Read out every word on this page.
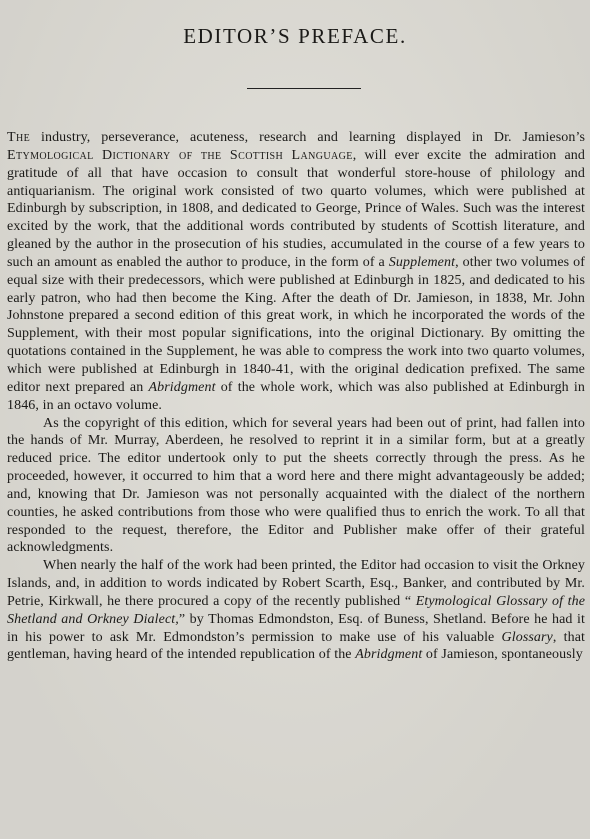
EDITOR’S PREFACE.

The industry, perseverance, acuteness, research and learning displayed in Dr. Jamieson’s Etymological Dictionary of the Scottish Language, will ever excite the admiration and gratitude of all that have occasion to consult that wonderful store-house of philology and antiquarianism. The original work consisted of two quarto volumes, which were published at Edinburgh by subscription, in 1808, and dedicated to George, Prince of Wales. Such was the interest excited by the work, that the additional words contributed by students of Scottish literature, and gleaned by the author in the prosecution of his studies, accumulated in the course of a few years to such an amount as enabled the author to produce, in the form of a Supplement, other two volumes of equal size with their predecessors, which were published at Edinburgh in 1825, and dedicated to his early patron, who had then become the King. After the death of Dr. Jamieson, in 1838, Mr. John Johnstone prepared a second edition of this great work, in which he incorporated the words of the Supplement, with their most popular significations, into the original Dictionary. By omitting the quotations contained in the Supplement, he was able to compress the work into two quarto volumes, which were published at Edinburgh in 1840-41, with the original dedication prefixed. The same editor next prepared an Abridgment of the whole work, which was also published at Edinburgh in 1846, in an octavo volume.

As the copyright of this edition, which for several years had been out of print, had fallen into the hands of Mr. Murray, Aberdeen, he resolved to reprint it in a similar form, but at a greatly reduced price. The editor undertook only to put the sheets correctly through the press. As he proceeded, however, it occurred to him that a word here and there might advantageously be added; and, knowing that Dr. Jamieson was not personally acquainted with the dialect of the northern counties, he asked contributions from those who were qualified thus to enrich the work. To all that responded to the request, therefore, the Editor and Publisher make offer of their grateful acknowledgments.

When nearly the half of the work had been printed, the Editor had occasion to visit the Orkney Islands, and, in addition to words indicated by Robert Scarth, Esq., Banker, and contributed by Mr. Petrie, Kirkwall, he there procured a copy of the recently published “ Etymological Glossary of the Shetland and Orkney Dialect,” by Thomas Edmondston, Esq. of Buness, Shetland. Before he had it in his power to ask Mr. Edmondston’s permission to make use of his valuable Glossary, that gentleman, having heard of the intended republication of the Abridgment of Jamieson, spontaneously
